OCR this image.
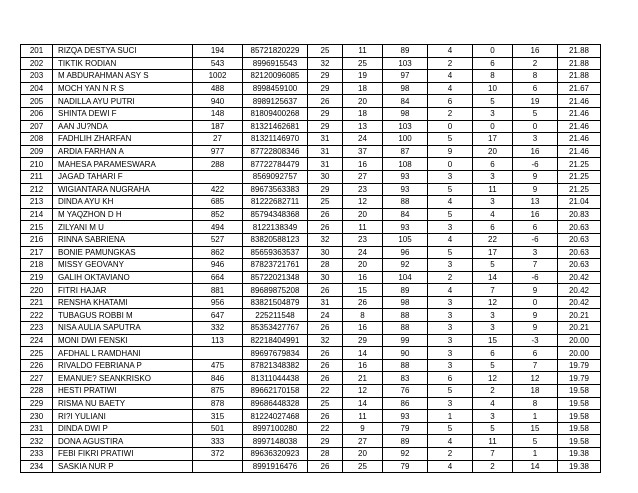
201	RIZQA DESTYA SUCI	194	85721820229	25	11	89	4	0	16	21.88
202	TIKTIK RODIAN	543	8996915543	32	25	103	2	6	2	21.88
203	M ABDURAHMAN ASY S	1002	82120096085	29	19	97	4	8	8	21.88
204	MOCH YAN N R S	488	8998459100	29	18	98	4	10	6	21.67
205	NADILLA AYU PUTRI	940	8989125637	26	20	84	6	5	19	21.46
206	SHINTA DEWI F	148	81809400268	29	18	98	2	3	5	21.46
207	AAN JU?NDA	187	81321462681	29	13	103	0	0	0	21.46
208	FADHLIH ZHARFAN	27	81321146970	31	24	100	5	17	3	21.46
209	ARDIA FARHAN A	977	87722808346	31	37	87	9	20	16	21.46
210	MAHESA PARAMESWARA	288	87722784479	31	16	108	0	6	-6	21.25
211	JAGAD TAHARI F		8569092757	30	27	93	3	3	9	21.25
212	WIGIANTARA NUGRAHA	422	89673563383	29	23	93	5	11	9	21.25
213	DINDA AYU KH	685	81222682711	25	12	88	4	3	13	21.04
214	M YAQZHON D H	852	85794348368	26	20	84	5	4	16	20.83
215	ZILYANI M U	494	8122138349	26	11	93	3	6	6	20.63
216	RINNA SABRIENA	527	83820588123	32	23	105	4	22	-6	20.63
217	BONIE PAMUNGKAS	862	85659363537	30	24	96	5	17	3	20.63
218	MISSY GEOVANY	946	87823721761	28	20	92	3	5	7	20.63
219	GALIH OKTAVIANO	664	85722021348	30	16	104	2	14	-6	20.42
220	FITRI HAJAR	881	89689875208	26	15	89	4	7	9	20.42
221	RENSHA KHATAMI	956	83821504879	31	26	98	3	12	0	20.42
222	TUBAGUS ROBBI M	647	225211548	24	8	88	3	3	9	20.21
223	NISA AULIA SAPUTRA	332	85353427767	26	16	88	3	3	9	20.21
224	MONI DWI FENSKI	113	82218404991	32	29	99	3	15	-3	20.00
225	AFDHAL L RAMDHANI		89697679834	26	14	90	3	6	6	20.00
226	RIVALDO FEBRIANA P	475	87821348382	26	16	88	3	5	7	19.79
227	EMANUE? SEANKRISKO	846	81311044438	26	21	83	6	12	12	19.79
228	HESTI PRATIWI	875	89662170158	22	12	76	5	2	18	19.58
229	RISMA NU BAETY	878	89686448328	25	14	86	3	4	8	19.58
230	RI?I YULIANI	315	81224027468	26	11	93	1	3	1	19.58
231	DINDA DWI P	501	8997100280	22	9	79	5	5	15	19.58
232	DONA AGUSTIRA	333	8997148038	29	27	89	4	11	5	19.58
233	FEBI FIKRI PRATIWI	372	89636320923	28	20	92	2	7	1	19.38
234	SASKIA NUR P		8991916476	26	25	79	4	2	14	19.38
